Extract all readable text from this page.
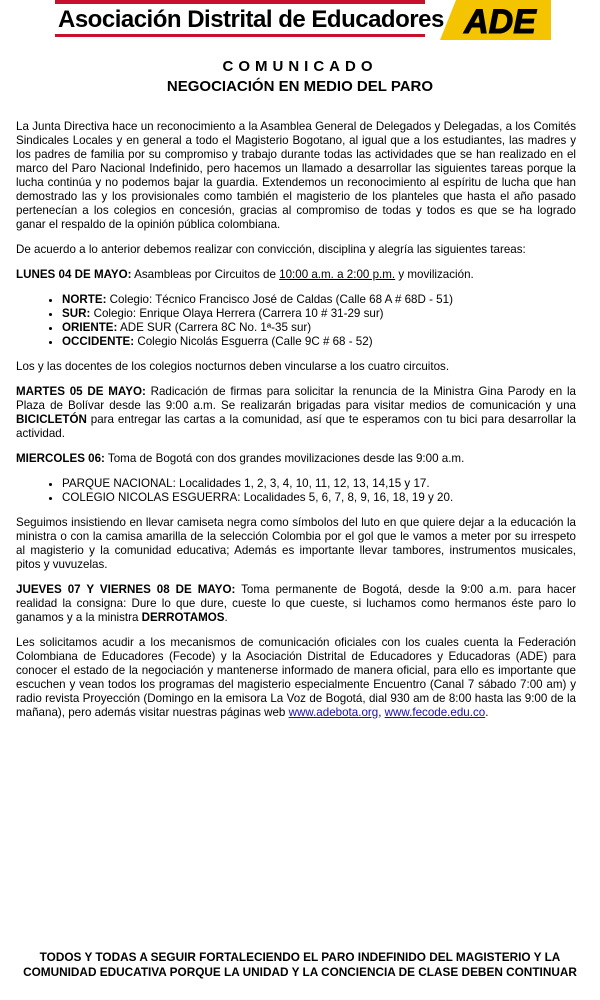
Asociación Distrital de Educadores ADE
COMUNICADO
NEGOCIACIÓN EN MEDIO DEL PARO

La Junta Directiva hace un reconocimiento a la Asamblea General de Delegados y Delegadas, a los Comités Sindicales Locales y en general a todo el Magisterio Bogotano, al igual que a los estudiantes, las madres y los padres de familia por su compromiso y trabajo durante todas las actividades que se han realizado en el marco del Paro Nacional Indefinido, pero hacemos un llamado a desarrollar las siguientes tareas porque la lucha continúa y no podemos bajar la guardia. Extendemos un reconocimiento al espíritu de lucha que han demostrado las y los provisionales como también el magisterio de los planteles que hasta el año pasado pertenecían a los colegios en concesión, gracias al compromiso de todas y todos es que se ha logrado ganar el respaldo de la opinión pública colombiana.

De acuerdo a lo anterior debemos realizar con convicción, disciplina y alegría las siguientes tareas:

LUNES 04 DE MAYO: Asambleas por Circuitos de 10:00 a.m. a 2:00 p.m. y movilización.

• NORTE: Colegio: Técnico Francisco José de Caldas (Calle 68 A # 68D - 51)
• SUR: Colegio: Enrique Olaya Herrera (Carrera 10 # 31-29 sur)
• ORIENTE: ADE SUR (Carrera 8C No. 1ª-35 sur)
• OCCIDENTE: Colegio Nicolás Esguerra (Calle 9C # 68 - 52)

Los y las docentes de los colegios nocturnos deben vincularse a los cuatro circuitos.

MARTES 05 DE MAYO: Radicación de firmas para solicitar la renuncia de la Ministra Gina Parody en la Plaza de Bolívar desde las 9:00 a.m. Se realizarán brigadas para visitar medios de comunicación y una BICICLETÓN para entregar las cartas a la comunidad, así que te esperamos con tu bici para desarrollar la actividad.

MIERCOLES 06: Toma de Bogotá con dos grandes movilizaciones desde las 9:00 a.m.

• PARQUE NACIONAL: Localidades 1, 2, 3, 4, 10, 11, 12, 13, 14,15 y 17.
• COLEGIO NICOLAS ESGUERRA: Localidades 5, 6, 7, 8, 9, 16, 18, 19 y 20.

Seguimos insistiendo en llevar camiseta negra como símbolos del luto en que quiere dejar a la educación la ministra o con la camisa amarilla de la selección Colombia por el gol que le vamos a meter por su irrespeto al magisterio y la comunidad educativa; Además es importante llevar tambores, instrumentos musicales, pitos y vuvuzelas.

JUEVES 07 Y VIERNES 08 DE MAYO: Toma permanente de Bogotá, desde la 9:00 a.m. para hacer realidad la consigna: Dure lo que dure, cueste lo que cueste, si luchamos como hermanos éste paro lo ganamos y a la ministra DERROTAMOS.

Les solicitamos acudir a los mecanismos de comunicación oficiales con los cuales cuenta la Federación Colombiana de Educadores (Fecode) y la Asociación Distrital de Educadores y Educadoras (ADE) para conocer el estado de la negociación y mantenerse informado de manera oficial, para ello es importante que escuchen y vean todos los programas del magisterio especialmente Encuentro (Canal 7 sábado 7:00 am) y radio revista Proyección (Domingo en la emisora La Voz de Bogotá, dial 930 am de 8:00 hasta las 9:00 de la mañana), pero además visitar nuestras páginas web www.adebota.org, www.fecode.edu.co.

TODOS Y TODAS A SEGUIR FORTALECIENDO EL PARO INDEFINIDO DEL MAGISTERIO Y LA COMUNIDAD EDUCATIVA PORQUE LA UNIDAD Y LA CONCIENCIA DE CLASE DEBEN CONTINUAR
